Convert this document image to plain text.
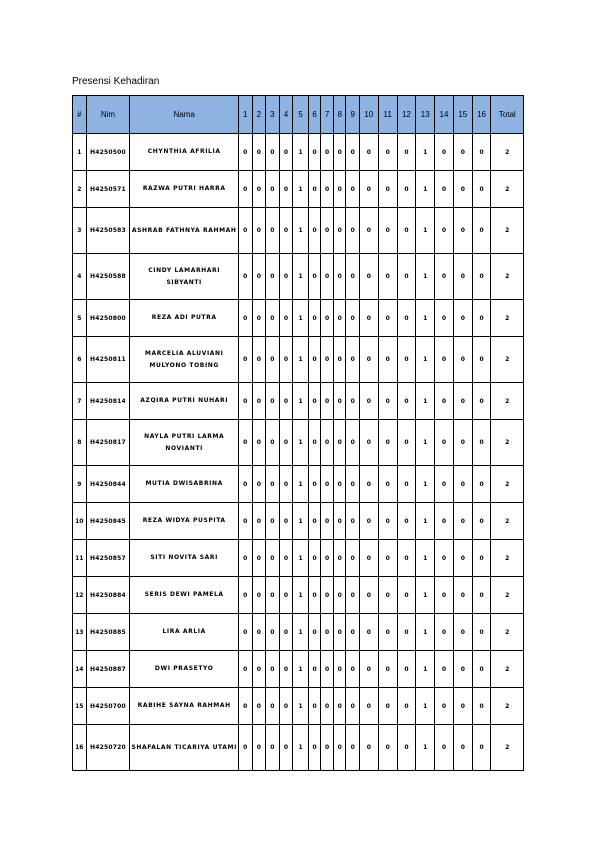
Presensi Kehadiran
#	Nim	Nama	1	2	3	4	5	6	7	8	9	10	11	12	13	14	15	16	Total
1	H4250500	CHYNTHIA AFRILIA	0	0	0	0	1	0	0	0	0	0	0	0	1	0	0	0	2
2	H4250571	RAZWA PUTRI HARRA	0	0	0	0	1	0	0	0	0	0	0	0	1	0	0	0	2
3	H4250583	ASHRAB FATHNYA RAHMAH	0	0	0	0	1	0	0	0	0	0	0	0	1	0	0	0	2
4	H4250588	CINDY LAMARHARI SIBYANTI	0	0	0	0	1	0	0	0	0	0	0	0	1	0	0	0	2
5	H4250800	REZA ADI PUTRA	0	0	0	0	1	0	0	0	0	0	0	0	1	0	0	0	2
6	H4250811	MARCELIA ALUVIANI MULYONO TOBING	0	0	0	0	1	0	0	0	0	0	0	0	1	0	0	0	2
7	H4250814	AZQIRA PUTRI NUHARI	0	0	0	0	1	0	0	0	0	0	0	0	1	0	0	0	2
8	H4250817	NAYLA PUTRI LARMA NOVIANTI	0	0	0	0	1	0	0	0	0	0	0	0	1	0	0	0	2
9	H4250844	MUTIA DWISABRINA	0	0	0	0	1	0	0	0	0	0	0	0	1	0	0	0	2
10	H4250845	REZA WIDYA PUSPITA	0	0	0	0	1	0	0	0	0	0	0	0	1	0	0	0	2
11	H4250857	SITI NOVITA SARI	0	0	0	0	1	0	0	0	0	0	0	0	1	0	0	0	2
12	H4250884	SERIS DEWI PAMELA	0	0	0	0	1	0	0	0	0	0	0	0	1	0	0	0	2
13	H4250885	LIRA ARLIA	0	0	0	0	1	0	0	0	0	0	0	0	1	0	0	0	2
14	H4250887	DWI PRASETYO	0	0	0	0	1	0	0	0	0	0	0	0	1	0	0	0	2
15	H4250700	RABIHE SAYNA RAHMAH	0	0	0	0	1	0	0	0	0	0	0	0	1	0	0	0	2
16	H4250720	SHAFALAN TICARIYA UTAMI	0	0	0	0	1	0	0	0	0	0	0	0	1	0	0	0	2
